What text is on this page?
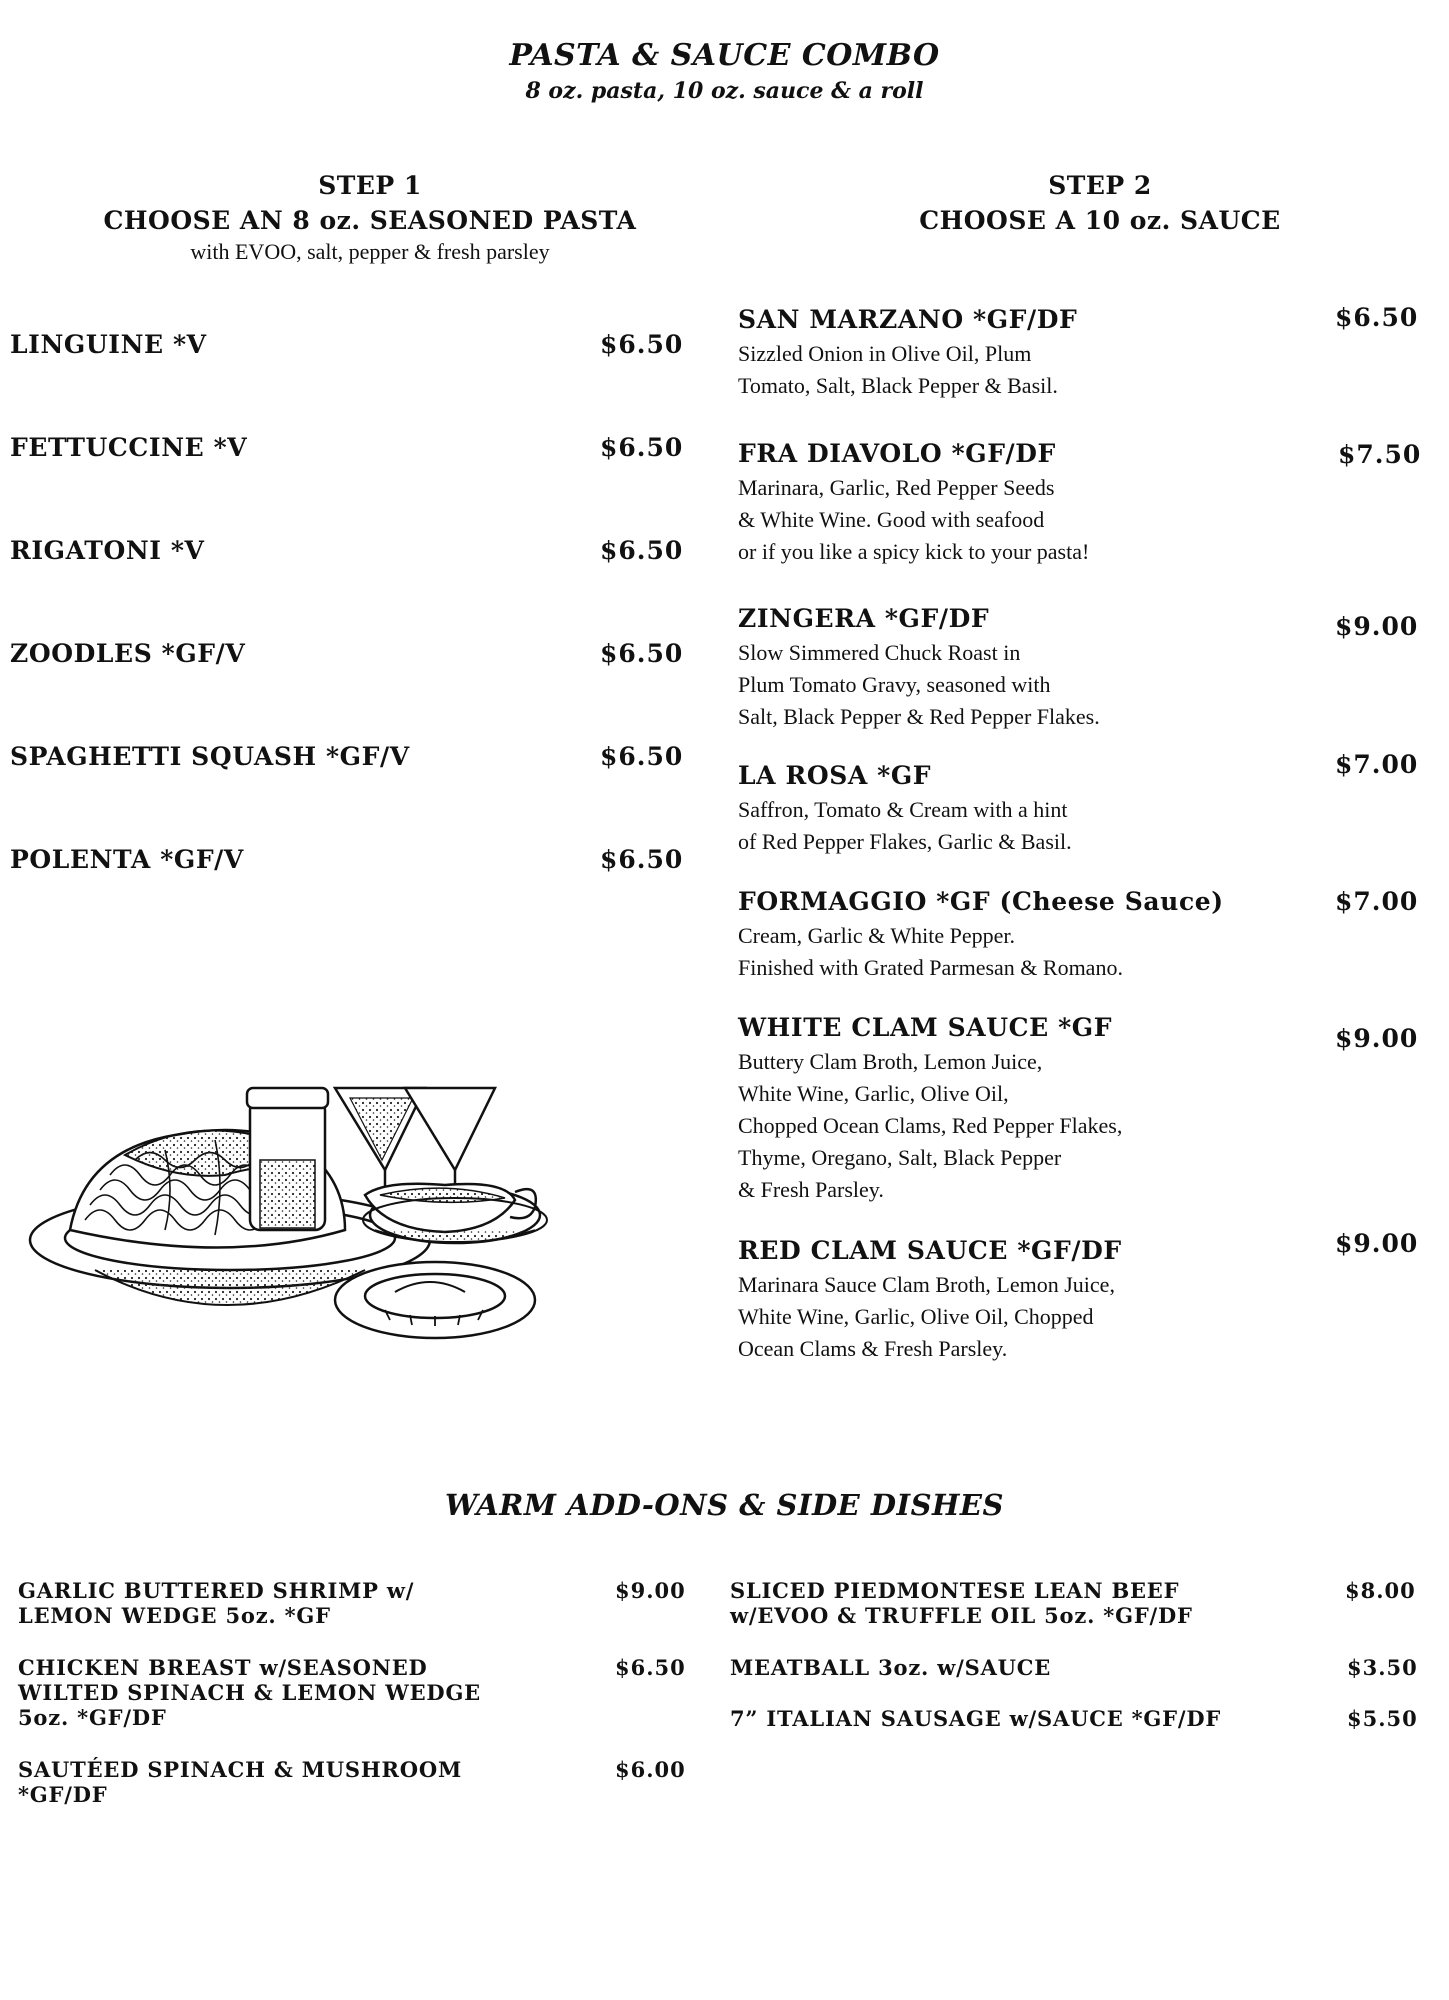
PASTA & SAUCE COMBO
8 oz. pasta, 10 oz. sauce & a roll
STEP 1
CHOOSE AN 8 oz. SEASONED PASTA
with EVOO, salt, pepper & fresh parsley
STEP 2
CHOOSE A 10 oz. SAUCE
LINGUINE *V	$6.50
FETTUCCINE *V	$6.50
RIGATONI *V	$6.50
ZOODLES *GF/V	$6.50
SPAGHETTI SQUASH *GF/V	$6.50
POLENTA *GF/V	$6.50
SAN MARZANO *GF/DF	$6.50
Sizzled Onion in Olive Oil, Plum
Tomato, Salt, Black Pepper & Basil.
FRA DIAVOLO *GF/DF	$7.50
Marinara, Garlic, Red Pepper Seeds
& White Wine. Good with seafood
or if you like a spicy kick to your pasta!
ZINGERA *GF/DF	$9.00
Slow Simmered Chuck Roast in
Plum Tomato Gravy, seasoned with
Salt, Black Pepper & Red Pepper Flakes.
LA ROSA *GF	$7.00
Saffron, Tomato & Cream with a hint
of Red Pepper Flakes, Garlic & Basil.
FORMAGGIO *GF (Cheese Sauce)	$7.00
Cream, Garlic & White Pepper.
Finished with Grated Parmesan & Romano.
WHITE CLAM SAUCE *GF	$9.00
Buttery Clam Broth, Lemon Juice,
White Wine, Garlic, Olive Oil,
Chopped Ocean Clams, Red Pepper Flakes,
Thyme, Oregano, Salt, Black Pepper
& Fresh Parsley.
RED CLAM SAUCE *GF/DF	$9.00
Marinara Sauce Clam Broth, Lemon Juice,
White Wine, Garlic, Olive Oil, Chopped
Ocean Clams & Fresh Parsley.
WARM ADD-ONS & SIDE DISHES
GARLIC BUTTERED SHRIMP w/
LEMON WEDGE 5oz. *GF
$9.00
CHICKEN BREAST w/SEASONED
WILTED SPINACH & LEMON WEDGE
5oz. *GF/DF
$6.50
SAUTÉED SPINACH & MUSHROOM
*GF/DF
$6.00
SLICED PIEDMONTESE LEAN BEEF
w/EVOO & TRUFFLE OIL 5oz. *GF/DF
$8.00
MEATBALL 3oz. w/SAUCE	$3.50
7” ITALIAN SAUSAGE w/SAUCE *GF/DF	$5.50
